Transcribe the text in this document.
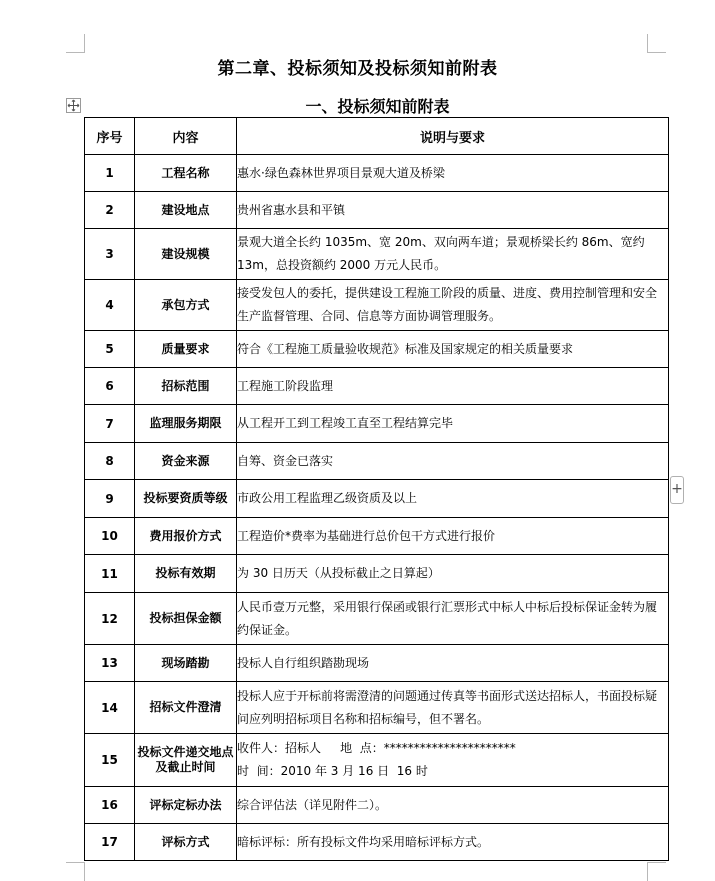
+
第二章、投标须知及投标须知前附表
一、投标须知前附表
序号	内容	说明与要求
1	工程名称	惠水·绿色森林世界项目景观大道及桥梁
2	建设地点	贵州省惠水县和平镇
3	建设规模	景观大道全长约 1035m、宽 20m、双向两车道；景观桥梁长约 86m、宽约 13m，总投资额约 2000 万元人民币。
4	承包方式	接受发包人的委托，提供建设工程施工阶段的质量、进度、费用控制管理和安全生产监督管理、合同、信息等方面协调管理服务。
5	质量要求	符合《工程施工质量验收规范》标准及国家规定的相关质量要求
6	招标范围	工程施工阶段监理
7	监理服务期限	从工程开工到工程竣工直至工程结算完毕
8	资金来源	自筹、资金已落实
9	投标要资质等级	市政公用工程监理乙级资质及以上
10	费用报价方式	工程造价*费率为基础进行总价包干方式进行报价
11	投标有效期	为 30 日历天（从投标截止之日算起）
12	投标担保金额	人民币壹万元整，采用银行保函或银行汇票形式中标人中标后投标保证金转为履约保证金。
13	现场踏勘	投标人自行组织踏勘现场
14	招标文件澄清	投标人应于开标前将需澄清的问题通过传真等书面形式送达招标人，书面投标疑问应列明招标项目名称和招标编号，但不署名。
15	投标文件递交地点及截止时间	收件人：招标人     地  点：**********************
时  间：2010 年 3 月 16 日  16 时

16	评标定标办法	综合评估法（详见附件二）。
17	评标方式	暗标评标：所有投标文件均采用暗标评标方式。
